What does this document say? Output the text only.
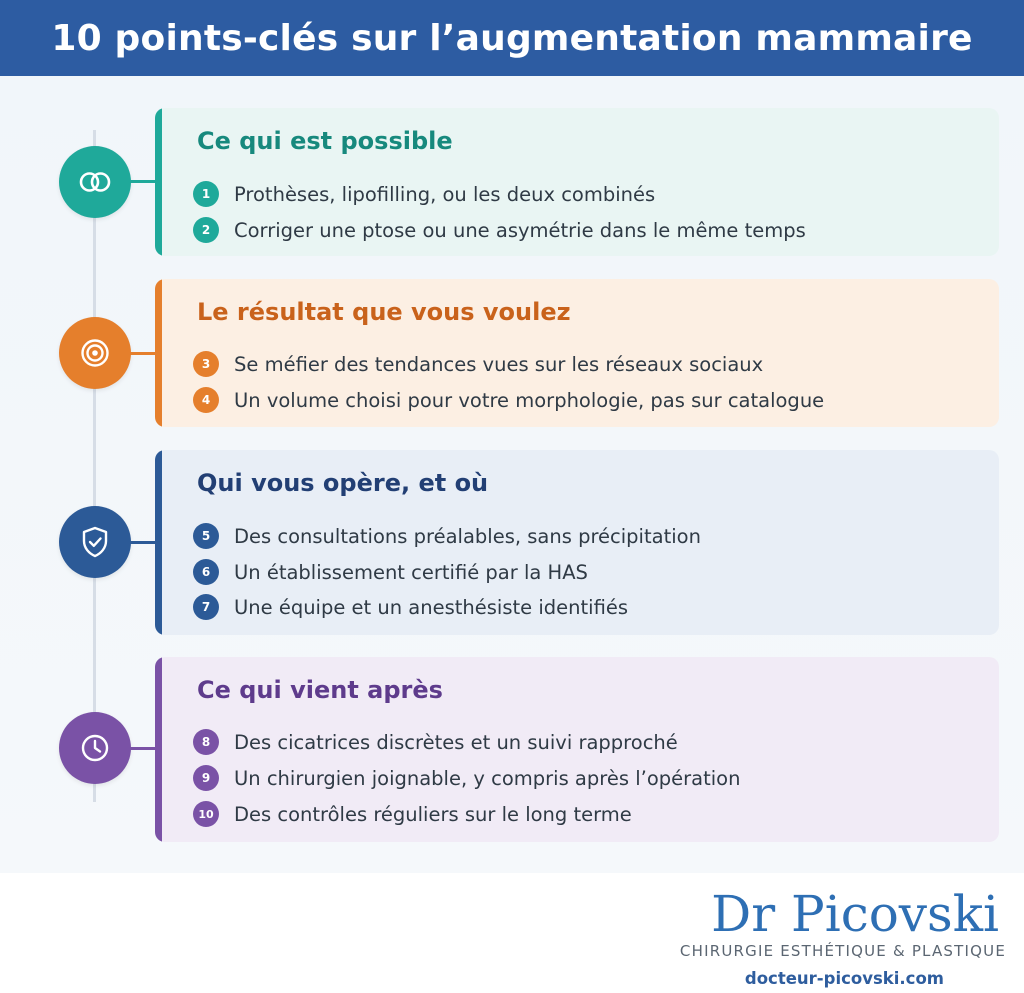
10 points-clés sur l’augmentation mammaire
Ce qui est possible
1	Prothèses, lipofilling, ou les deux combinés
2	Corriger une ptose ou une asymétrie dans le même temps
Le résultat que vous voulez
3	Se méfier des tendances vues sur les réseaux sociaux
4	Un volume choisi pour votre morphologie, pas sur catalogue
Qui vous opère, et où
5	Des consultations préalables, sans précipitation
6	Un établissement certifié par la HAS
7	Une équipe et un anesthésiste identifiés
Ce qui vient après
8	Des cicatrices discrètes et un suivi rapproché
9	Un chirurgien joignable, y compris après l’opération
10 Des contrôles réguliers sur le long terme
Dr Picovski
CHIRURGIE ESTHÉTIQUE & PLASTIQUE
docteur-picovski.com
